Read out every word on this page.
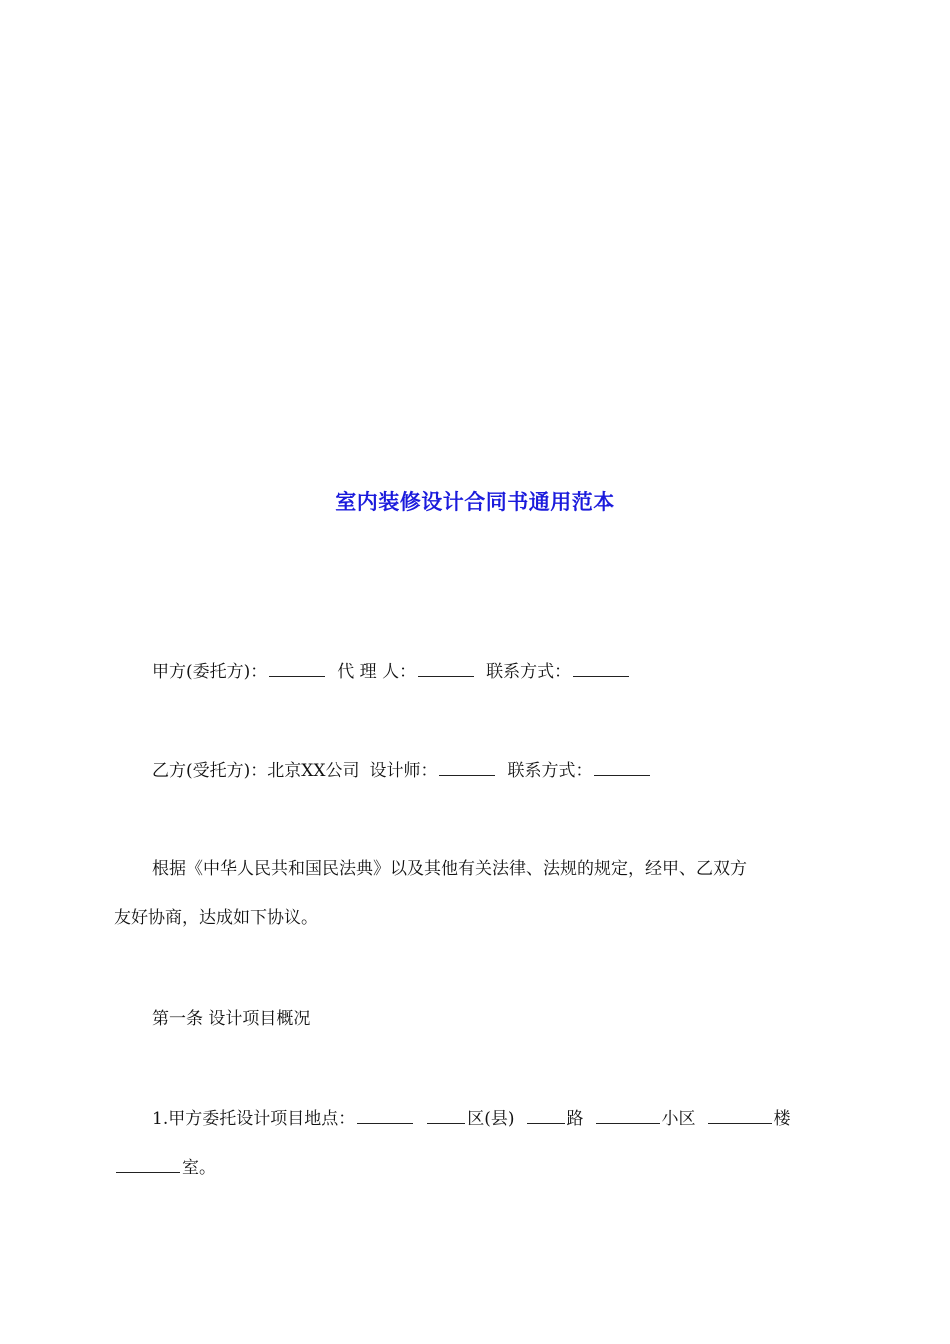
室内装修设计合同书通用范本
甲方(委托方)：	代 理 人：	联系方式：
乙方(受托方)：北京XX公司 设计师：	联系方式：
根据《中华人民共和国民法典》以及其他有关法律、法规的规定，经甲、乙双方
友好协商，达成如下协议。
第一条 设计项目概况
1.甲方委托设计项目地点：	区(县)	路	小区	楼
室。
